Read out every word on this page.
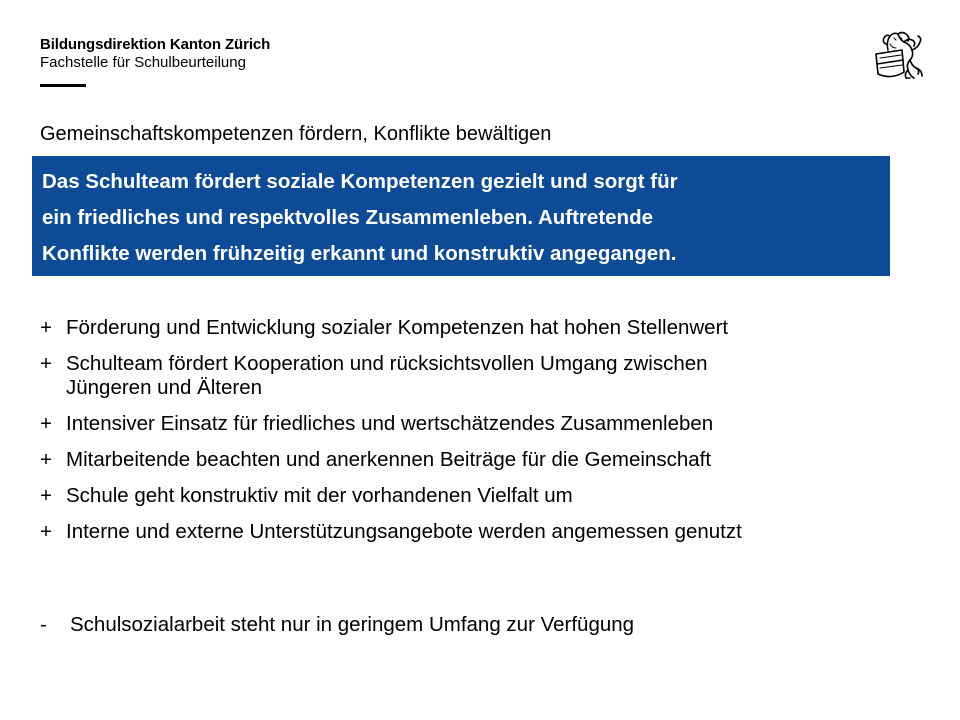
Bildungsdirektion Kanton Zürich
Fachstelle für Schulbeurteilung
Gemeinschaftskompetenzen fördern, Konflikte bewältigen
Das Schulteam fördert soziale Kompetenzen gezielt und sorgt für
ein friedliches und respektvolles Zusammenleben. Auftretende
Konflikte werden frühzeitig erkannt und konstruktiv angegangen.
+ Förderung und Entwicklung sozialer Kompetenzen hat hohen Stellenwert
+ Schulteam fördert Kooperation und rücksichtsvollen Umgang zwischen
Jüngeren und Älteren
+ Intensiver Einsatz für friedliches und wertschätzendes Zusammenleben
+ Mitarbeitende beachten und anerkennen Beiträge für die Gemeinschaft
+ Schule geht konstruktiv mit der vorhandenen Vielfalt um
+ Interne und externe Unterstützungsangebote werden angemessen genutzt
-	Schulsozialarbeit steht nur in geringem Umfang zur Verfügung
